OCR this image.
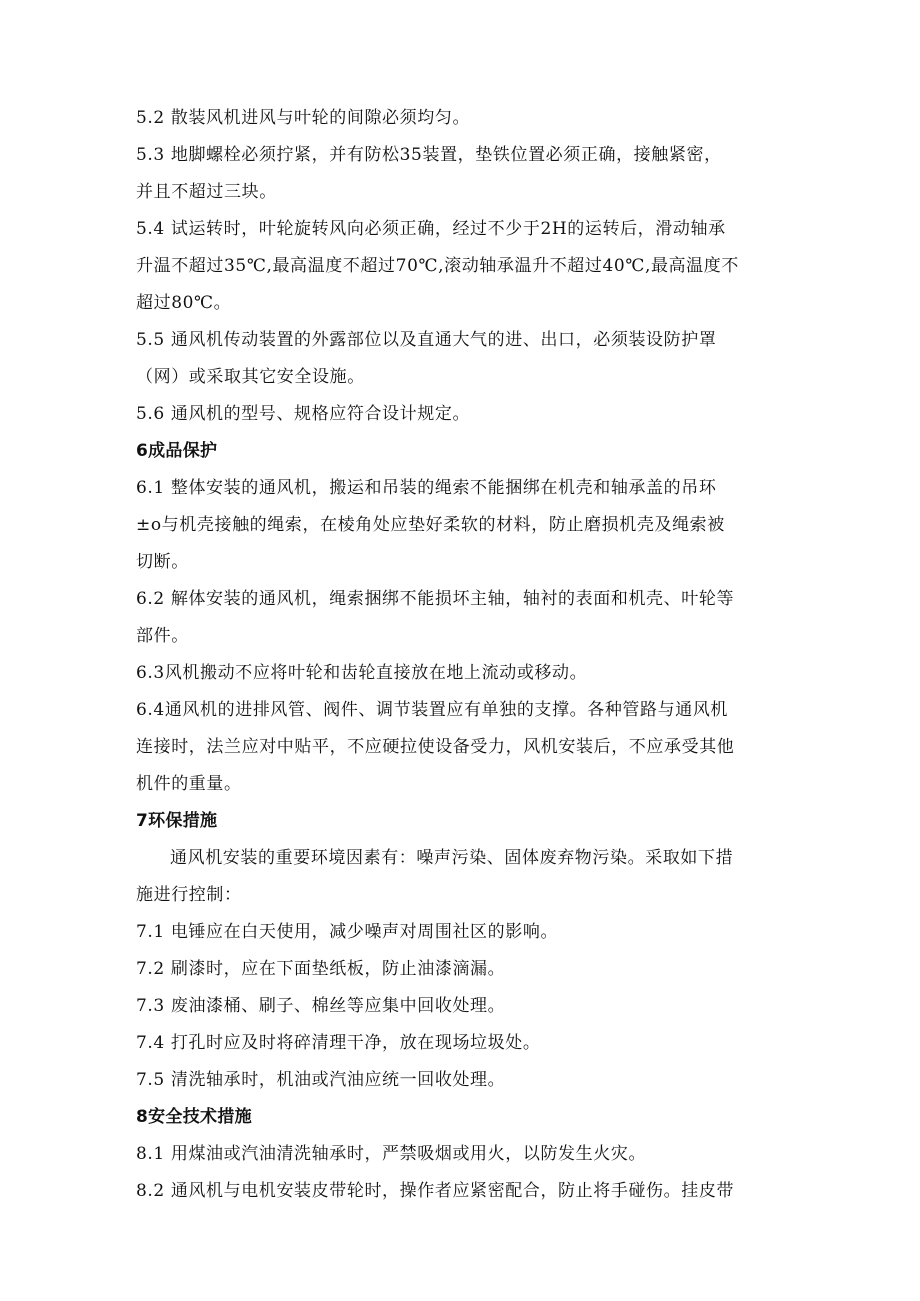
5.2 散装风机进风与叶轮的间隙必须均匀。
5.3 地脚螺栓必须拧紧，并有防松35装置，垫铁位置必须正确，接触紧密，
并且不超过三块。
5.4 试运转时，叶轮旋转风向必须正确，经过不少于2H的运转后，滑动轴承
升温不超过35℃,最高温度不超过70℃,滚动轴承温升不超过40℃,最高温度不
超过80℃。
5.5 通风机传动装置的外露部位以及直通大气的进、出口，必须装设防护罩
（网）或采取其它安全设施。
5.6 通风机的型号、规格应符合设计规定。
6成品保护
6.1 整体安装的通风机，搬运和吊装的绳索不能捆绑在机壳和轴承盖的吊环
±o与机壳接触的绳索，在棱角处应垫好柔软的材料，防止磨损机壳及绳索被
切断。
6.2 解体安装的通风机，绳索捆绑不能损坏主轴，轴衬的表面和机壳、叶轮等
部件。
6.3风机搬动不应将叶轮和齿轮直接放在地上流动或移动。
6.4通风机的进排风管、阀件、调节装置应有单独的支撑。各种管路与通风机
连接时，法兰应对中贴平，不应硬拉使设备受力，风机安装后，不应承受其他
机件的重量。
7环保措施
通风机安装的重要环境因素有：噪声污染、固体废弃物污染。采取如下措
施进行控制：
7.1 电锤应在白天使用，减少噪声对周围社区的影响。
7.2 刷漆时，应在下面垫纸板，防止油漆滴漏。
7.3 废油漆桶、刷子、棉丝等应集中回收处理。
7.4 打孔时应及时将碎清理干净，放在现场垃圾处。
7.5 清洗轴承时，机油或汽油应统一回收处理。
8安全技术措施
8.1 用煤油或汽油清洗轴承时，严禁吸烟或用火，以防发生火灾。
8.2 通风机与电机安装皮带轮时，操作者应紧密配合，防止将手碰伤。挂皮带
